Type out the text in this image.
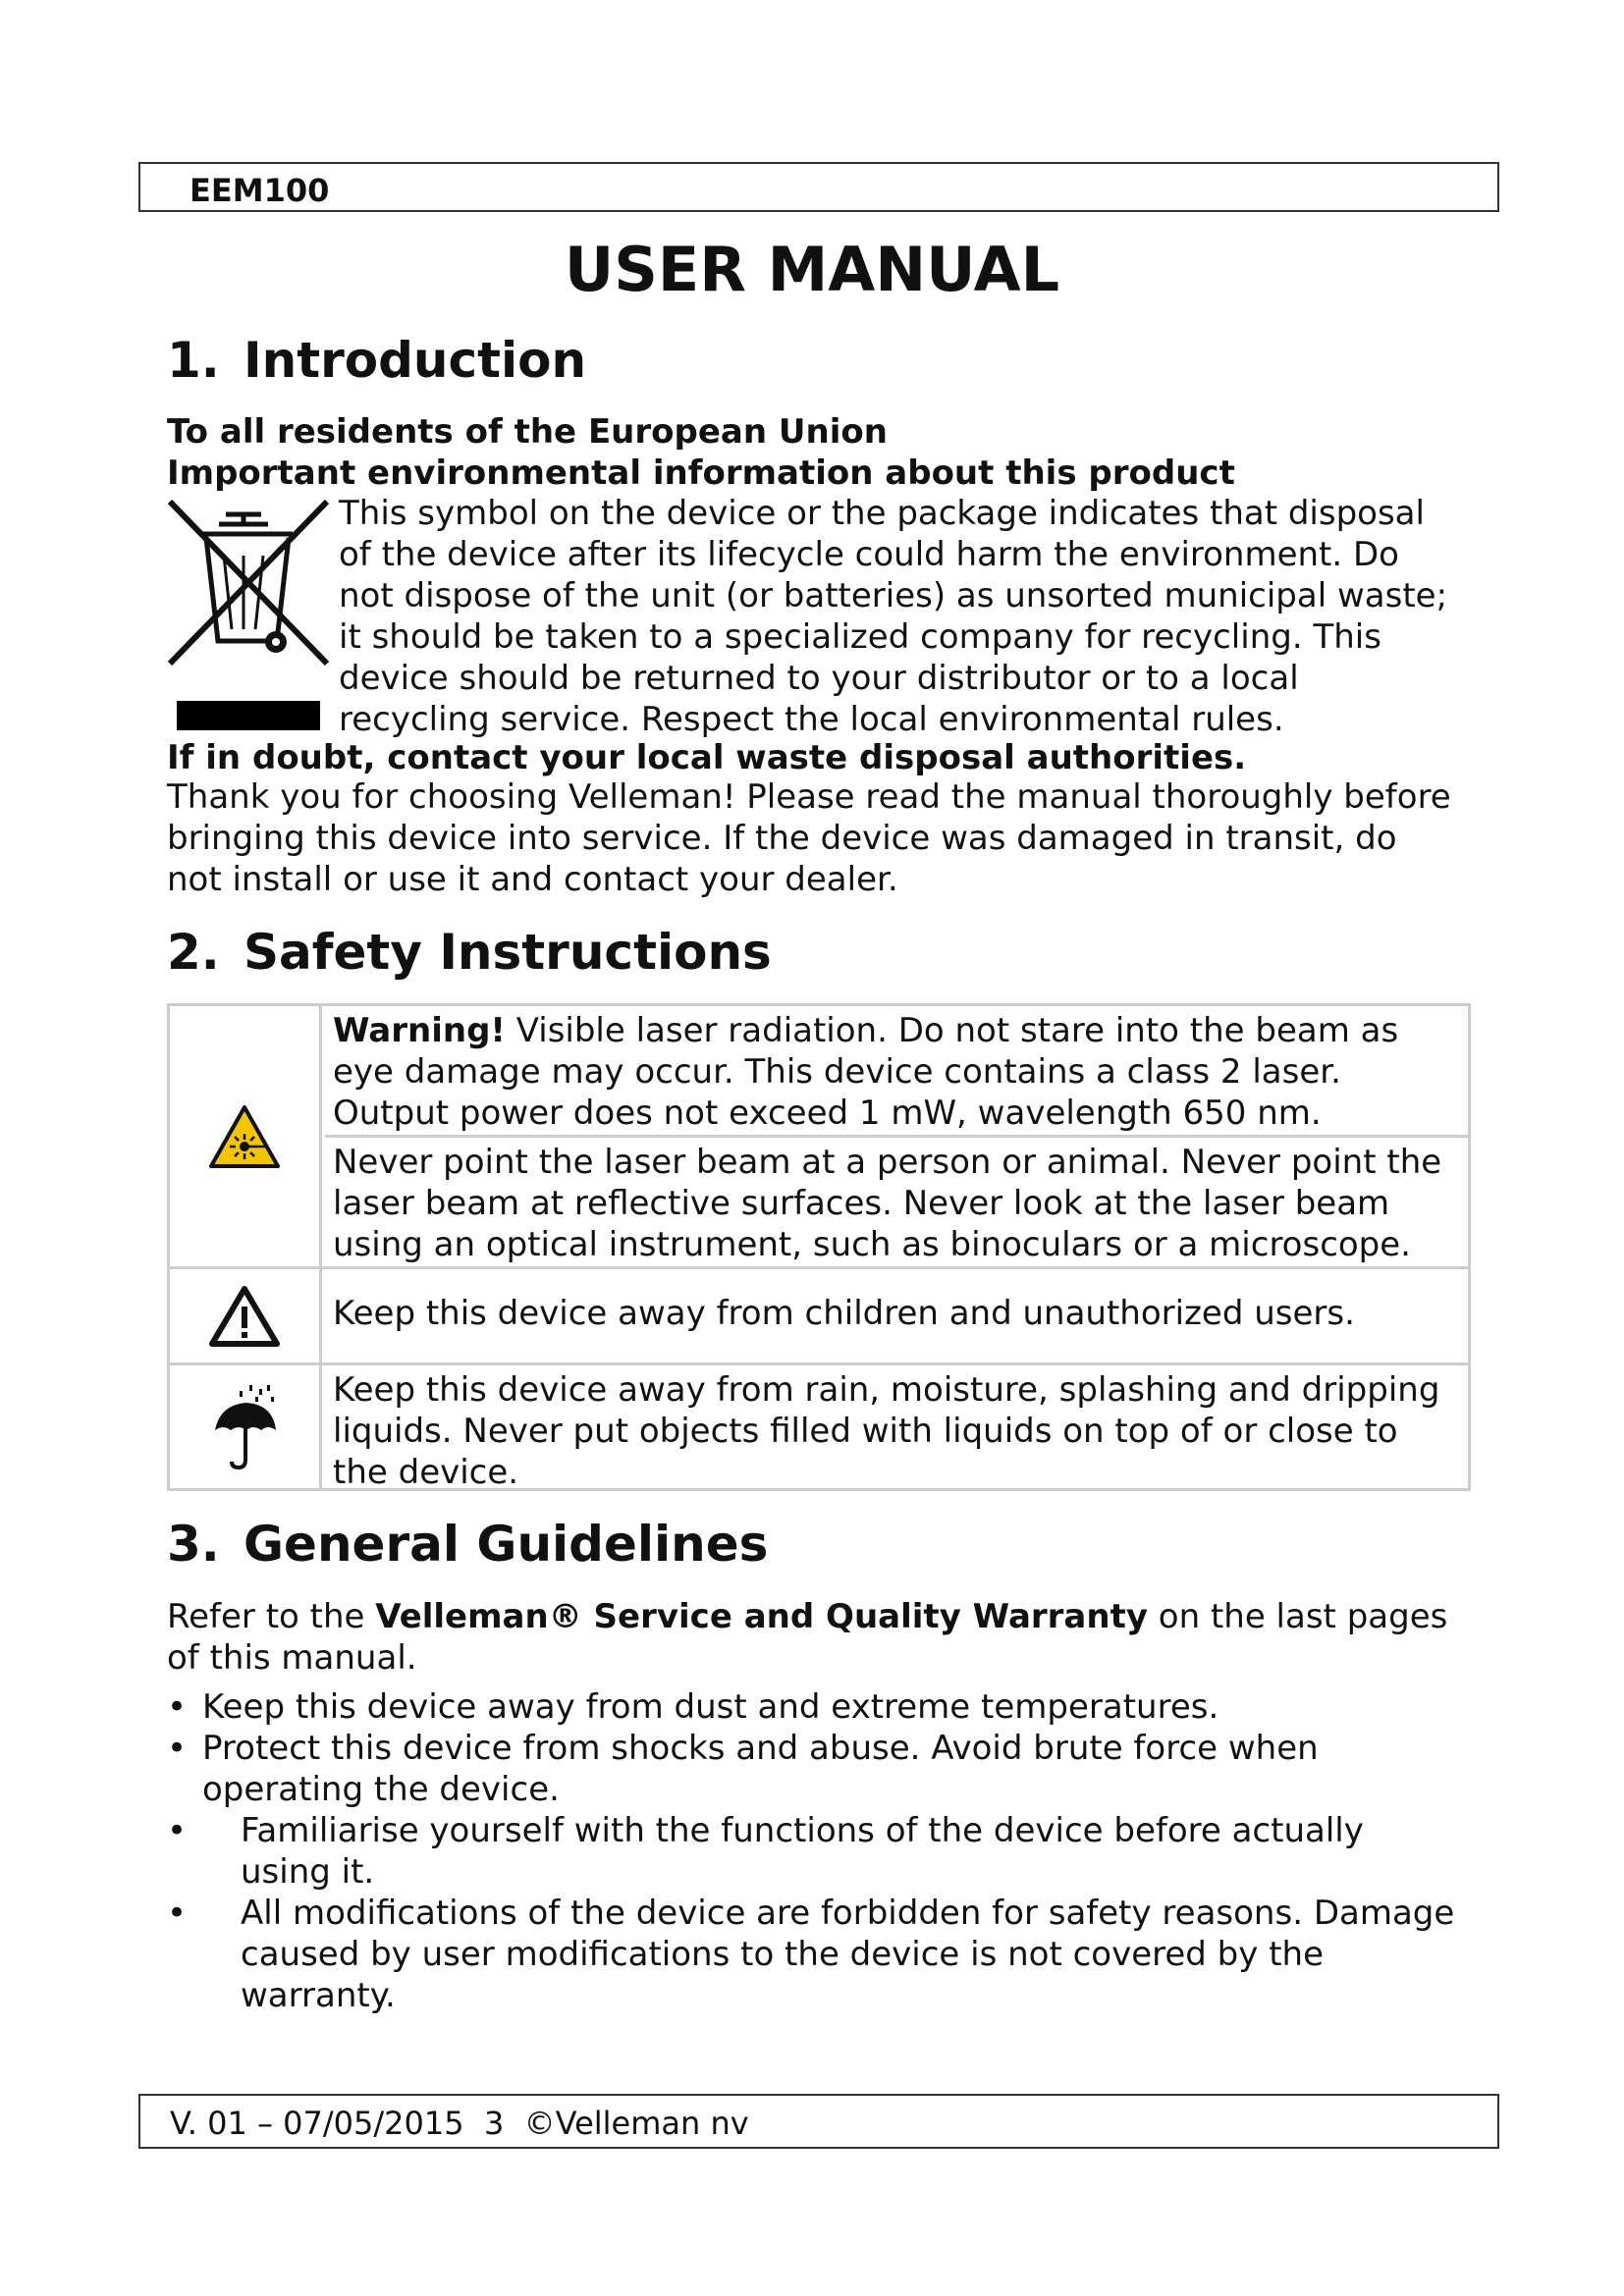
EEM100
USER MANUAL
1. Introduction

To all residents of the European Union

Important environmental information about this product

This symbol on the device or the package indicates that disposal
of the device after its lifecycle could harm the environment. Do
not dispose of the unit (or batteries) as unsorted municipal waste;
it should be taken to a specialized company for recycling. This
device should be returned to your distributor or to a local
recycling service. Respect the local environmental rules.

If in doubt, contact your local waste disposal authorities.

Thank you for choosing Velleman! Please read the manual thoroughly before
bringing this device into service. If the device was damaged in transit, do
not install or use it and contact your dealer.

2. Safety Instructions
Warning! Visible laser radiation. Do not stare into the beam as
eye damage may occur. This device contains a class 2 laser.
Output power does not exceed 1 mW, wavelength 650 nm.
Never point the laser beam at a person or animal. Never point the
laser beam at reflective surfaces. Never look at the laser beam
using an optical instrument, such as binoculars or a microscope.
Keep this device away from children and unauthorized users.
Keep this device away from rain, moisture, splashing and dripping
liquids. Never put objects filled with liquids on top of or close to
the device.
3. General Guidelines

Refer to the Velleman® Service and Quality Warranty on the last pages
of this manual.

• Keep this device away from dust and extreme temperatures.
• Protect this device from shocks and abuse. Avoid brute force when
operating the device.
• Familiarise yourself with the functions of the device before actually
using it.
• All modifications of the device are forbidden for safety reasons. Damage
caused by user modifications to the device is not covered by the
warranty.
V. 01 – 07/05/2015  3  ©Velleman nv
